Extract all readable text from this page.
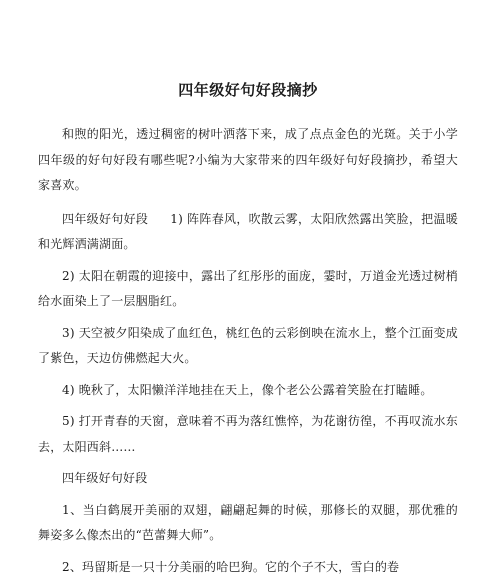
四年级好句好段摘抄

和煦的阳光，透过稠密的树叶洒落下来，成了点点金色的光斑。关于小学四年级的好句好段有哪些呢?小编为大家带来的四年级好句好段摘抄，希望大家喜欢。

四年级好句好段 1) 阵阵春风，吹散云雾，太阳欣然露出笑脸，把温暖和光辉洒满湖面。

2) 太阳在朝霞的迎接中，露出了红彤彤的面庞，霎时，万道金光透过树梢给水面染上了一层胭脂红。

3) 天空被夕阳染成了血红色，桃红色的云彩倒映在流水上，整个江面变成了紫色，天边仿佛燃起大火。

4) 晚秋了，太阳懒洋洋地挂在天上，像个老公公露着笑脸在打瞌睡。

5) 打开青春的天窗，意味着不再为落红憔悴，为花谢彷徨，不再叹流水东去，太阳西斜……

四年级好句好段

1、当白鹤展开美丽的双翅，翩翩起舞的时候，那修长的双腿，那优雅的舞姿多么像杰出的“芭蕾舞大师”。

2、玛留斯是一只十分美丽的哈巴狗。它的个子不大，雪白的卷
